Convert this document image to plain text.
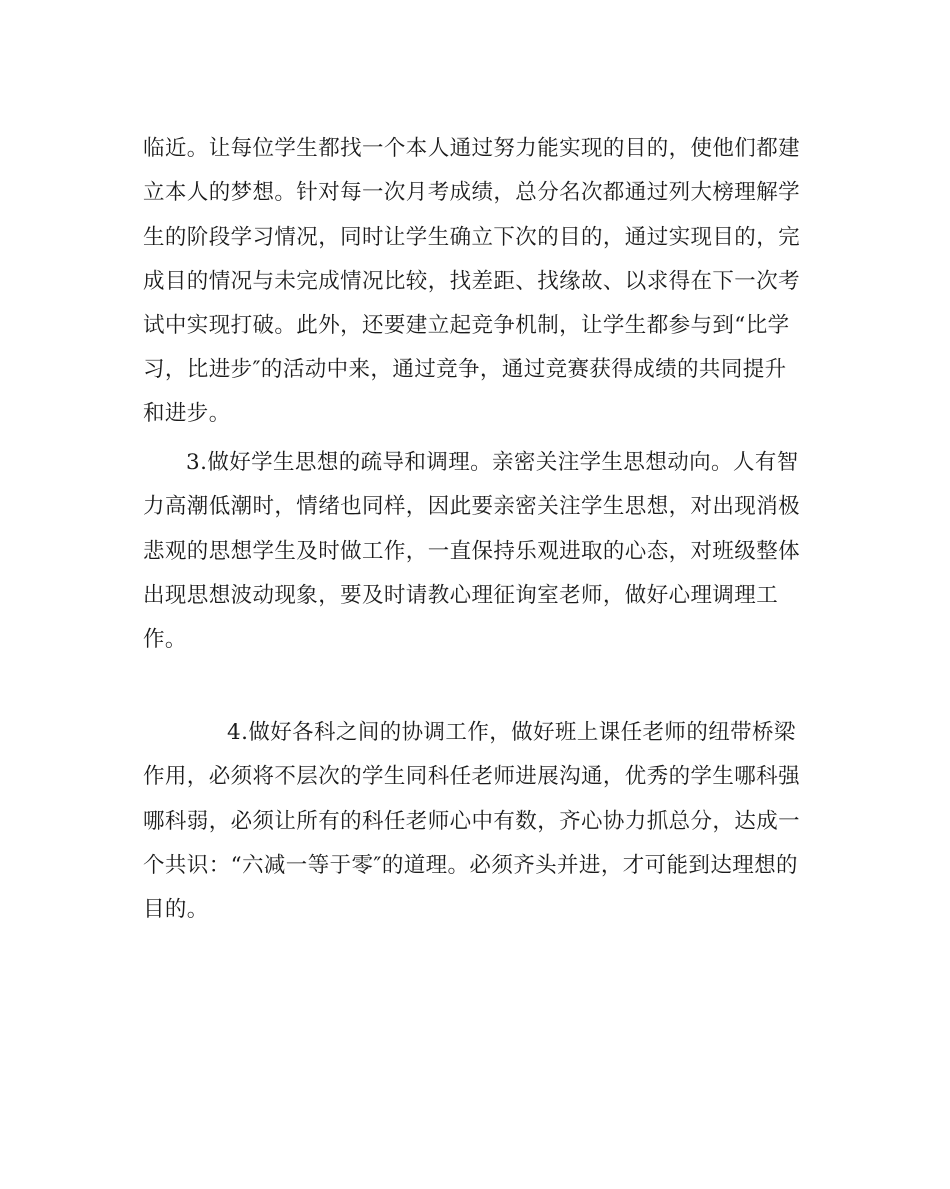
临近。让每位学生都找一个本人通过努力能实现的目的，使他们都建
立本人的梦想。针对每一次月考成绩，总分名次都通过列大榜理解学
生的阶段学习情况，同时让学生确立下次的目的，通过实现目的，完
成目的情况与未完成情况比较，找差距、找缘故、以求得在下一次考
试中实现打破。此外，还要建立起竞争机制，让学生都参与到“比学
习，比进步″的活动中来，通过竞争，通过竞赛获得成绩的共同提升
和进步。
3.做好学生思想的疏导和调理。亲密关注学生思想动向。人有智
力高潮低潮时，情绪也同样，因此要亲密关注学生思想，对出现消极
悲观的思想学生及时做工作，一直保持乐观进取的心态，对班级整体
出现思想波动现象，要及时请教心理征询室老师，做好心理调理工
作。
4.做好各科之间的协调工作，做好班上课任老师的纽带桥梁
作用，必须将不层次的学生同科任老师进展沟通，优秀的学生哪科强
哪科弱，必须让所有的科任老师心中有数，齐心协力抓总分，达成一
个共识：“六减一等于零″的道理。必须齐头并进，才可能到达理想的
目的。
